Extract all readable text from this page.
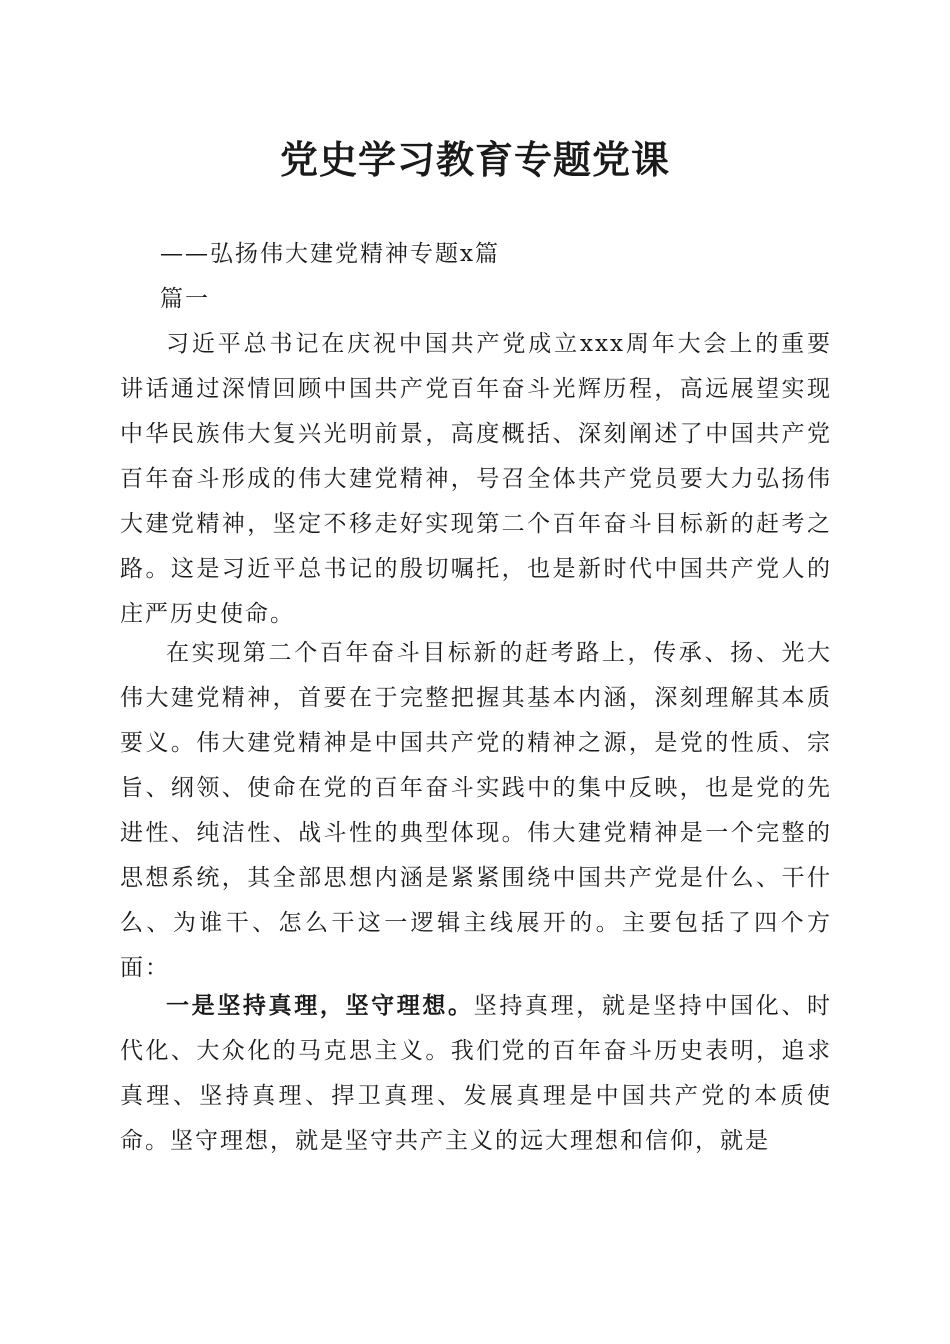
党史学习教育专题党课

——弘扬伟大建党精神专题x篇

篇一

习近平总书记在庆祝中国共产党成立xxx周年大会上的重要讲话通过深情回顾中国共产党百年奋斗光辉历程，高远展望实现中华民族伟大复兴光明前景，高度概括、深刻阐述了中国共产党百年奋斗形成的伟大建党精神，号召全体共产党员要大力弘扬伟大建党精神，坚定不移走好实现第二个百年奋斗目标新的赶考之路。这是习近平总书记的殷切嘱托，也是新时代中国共产党人的庄严历史使命。

在实现第二个百年奋斗目标新的赶考路上，传承、扬、光大伟大建党精神，首要在于完整把握其基本内涵，深刻理解其本质要义。伟大建党精神是中国共产党的精神之源，是党的性质、宗旨、纲领、使命在党的百年奋斗实践中的集中反映，也是党的先进性、纯洁性、战斗性的典型体现。伟大建党精神是一个完整的思想系统，其全部思想内涵是紧紧围绕中国共产党是什么、干什么、为谁干、怎么干这一逻辑主线展开的。主要包括了四个方面：

一是坚持真理，坚守理想。坚持真理，就是坚持中国化、时代化、大众化的马克思主义。我们党的百年奋斗历史表明，追求真理、坚持真理、捍卫真理、发展真理是中国共产党的本质使命。坚守理想，就是坚守共产主义的远大理想和信仰，就是
